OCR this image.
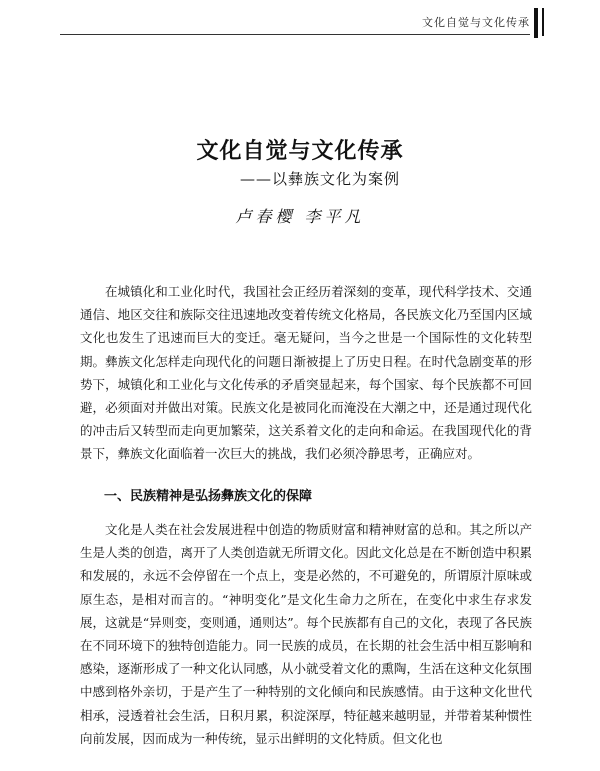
文化自觉与文化传承
文化自觉与文化传承
——以彝族文化为案例
卢春樱 李平凡

在城镇化和工业化时代，我国社会正经历着深刻的变革，现代科学技术、交通通信、地区交往和族际交往迅速地改变着传统文化格局，各民族文化乃至国内区域文化也发生了迅速而巨大的变迁。毫无疑问，当今之世是一个国际性的文化转型期。彝族文化怎样走向现代化的问题日渐被提上了历史日程。在时代急剧变革的形势下，城镇化和工业化与文化传承的矛盾突显起来，每个国家、每个民族都不可回避，必须面对并做出对策。民族文化是被同化而淹没在大潮之中，还是通过现代化的冲击后又转型而走向更加繁荣，这关系着文化的走向和命运。在我国现代化的背景下，彝族文化面临着一次巨大的挑战，我们必须冷静思考，正确应对。

一、民族精神是弘扬彝族文化的保障

文化是人类在社会发展进程中创造的物质财富和精神财富的总和。其之所以产生是人类的创造，离开了人类创造就无所谓文化。因此文化总是在不断创造中积累和发展的，永远不会停留在一个点上，变是必然的，不可避免的，所谓原汁原味或原生态，是相对而言的。“神明变化”是文化生命力之所在，在变化中求生存求发展，这就是“异则变，变则通，通则达”。每个民族都有自己的文化，表现了各民族在不同环境下的独特创造能力。同一民族的成员，在长期的社会生活中相互影响和感染，逐渐形成了一种文化认同感，从小就受着文化的熏陶，生活在这种文化氛围中感到格外亲切，于是产生了一种特别的文化倾向和民族感情。由于这种文化世代相承，浸透着社会生活，日积月累，积淀深厚，特征越来越明显，并带着某种惯性向前发展，因而成为一种传统，显示出鲜明的文化特质。但文化也
